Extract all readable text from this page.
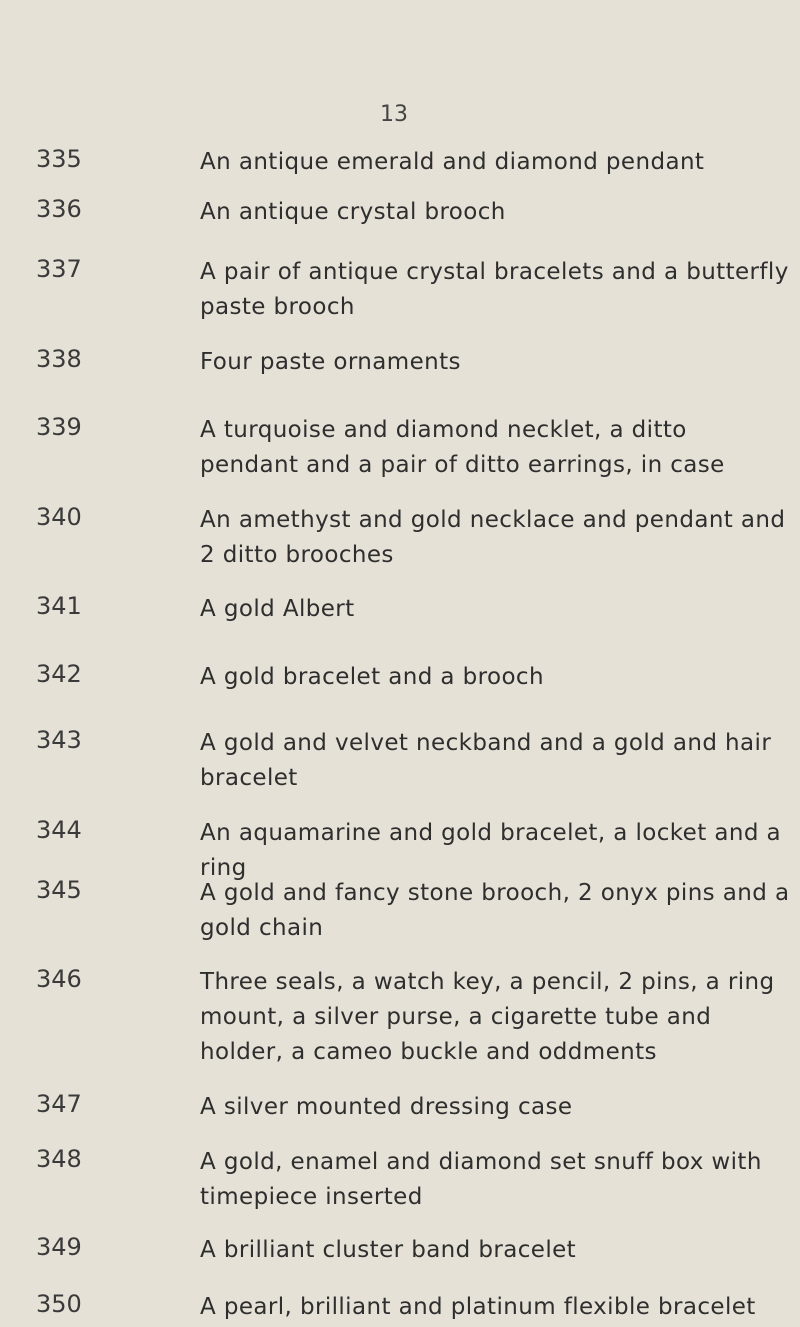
13
335	An antique emerald and diamond pendant
336	An antique crystal brooch
337	A pair of antique crystal bracelets and a butterfly paste brooch
338	Four paste ornaments
339	A turquoise and diamond necklet, a ditto pendant and a pair of ditto earrings, in case
340	An amethyst and gold necklace and pendant and 2 ditto brooches
341	A gold Albert
342	A gold bracelet and a brooch
343	A gold and velvet neckband and a gold and hair bracelet
344	An aquamarine and gold bracelet, a locket and a ring
345	A gold and fancy stone brooch, 2 onyx pins and a gold chain
346	Three seals, a watch key, a pencil, 2 pins, a ring mount, a silver purse, a cigarette tube and holder, a cameo buckle and oddments
347	A silver mounted dressing case
348	A gold, enamel and diamond set snuff box with timepiece inserted
349	A brilliant cluster band bracelet
350	A pearl, brilliant and platinum flexible bracelet
